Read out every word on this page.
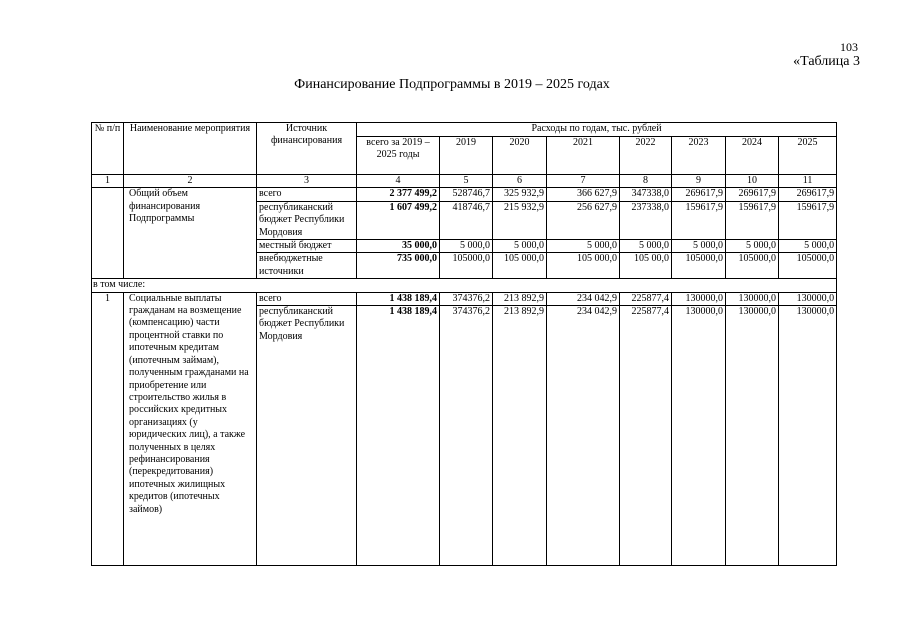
103
«Таблица 3
Финансирование Подпрограммы в 2019 – 2025 годах
№ п/п	Наименование мероприятия	Источник финансирования	Расходы по годам, тыс. рублей							
			всего за 2019 – 2025 годы	2019	2020	2021	2022	2023	2024	2025
1	2	3	4	5	6	7	8	9	10	11
	Общий объем финансирования Подпрограммы	всего	2 377 499,2	528746,7	325 932,9	366 627,9	347338,0	269617,9	269617,9	269617,9
		республиканский бюджет Республики Мордовия	1 607 499,2	418746,7	215 932,9	256 627,9	237338,0	159617,9	159617,9	159617,9
		местный бюджет	35 000,0	5 000,0	5 000,0	5 000,0	5 000,0	5 000,0	5 000,0	5 000,0
		внебюджетные источники	735 000,0	105000,0	105 000,0	105 000,0	105 00,0	105000,0	105000,0	105000,0
в том числе:										
1	Социальные выплаты гражданам на возмещение (компенсацию) части процентной ставки по ипотечным кредитам (ипотечным займам), полученным гражданами на приобретение или строительство жилья в российских кредитных организациях (у юридических лиц), а также полученных в целях рефинансирования (перекредитования) ипотечных жилищных кредитов (ипотечных займов)	всего	1 438 189,4	374376,2	213 892,9	234 042,9	225877,4	130000,0	130000,0	130000,0
		республиканский бюджет Республики Мордовия	1 438 189,4	374376,2	213 892,9	234 042,9	225877,4	130000,0	130000,0	130000,0
